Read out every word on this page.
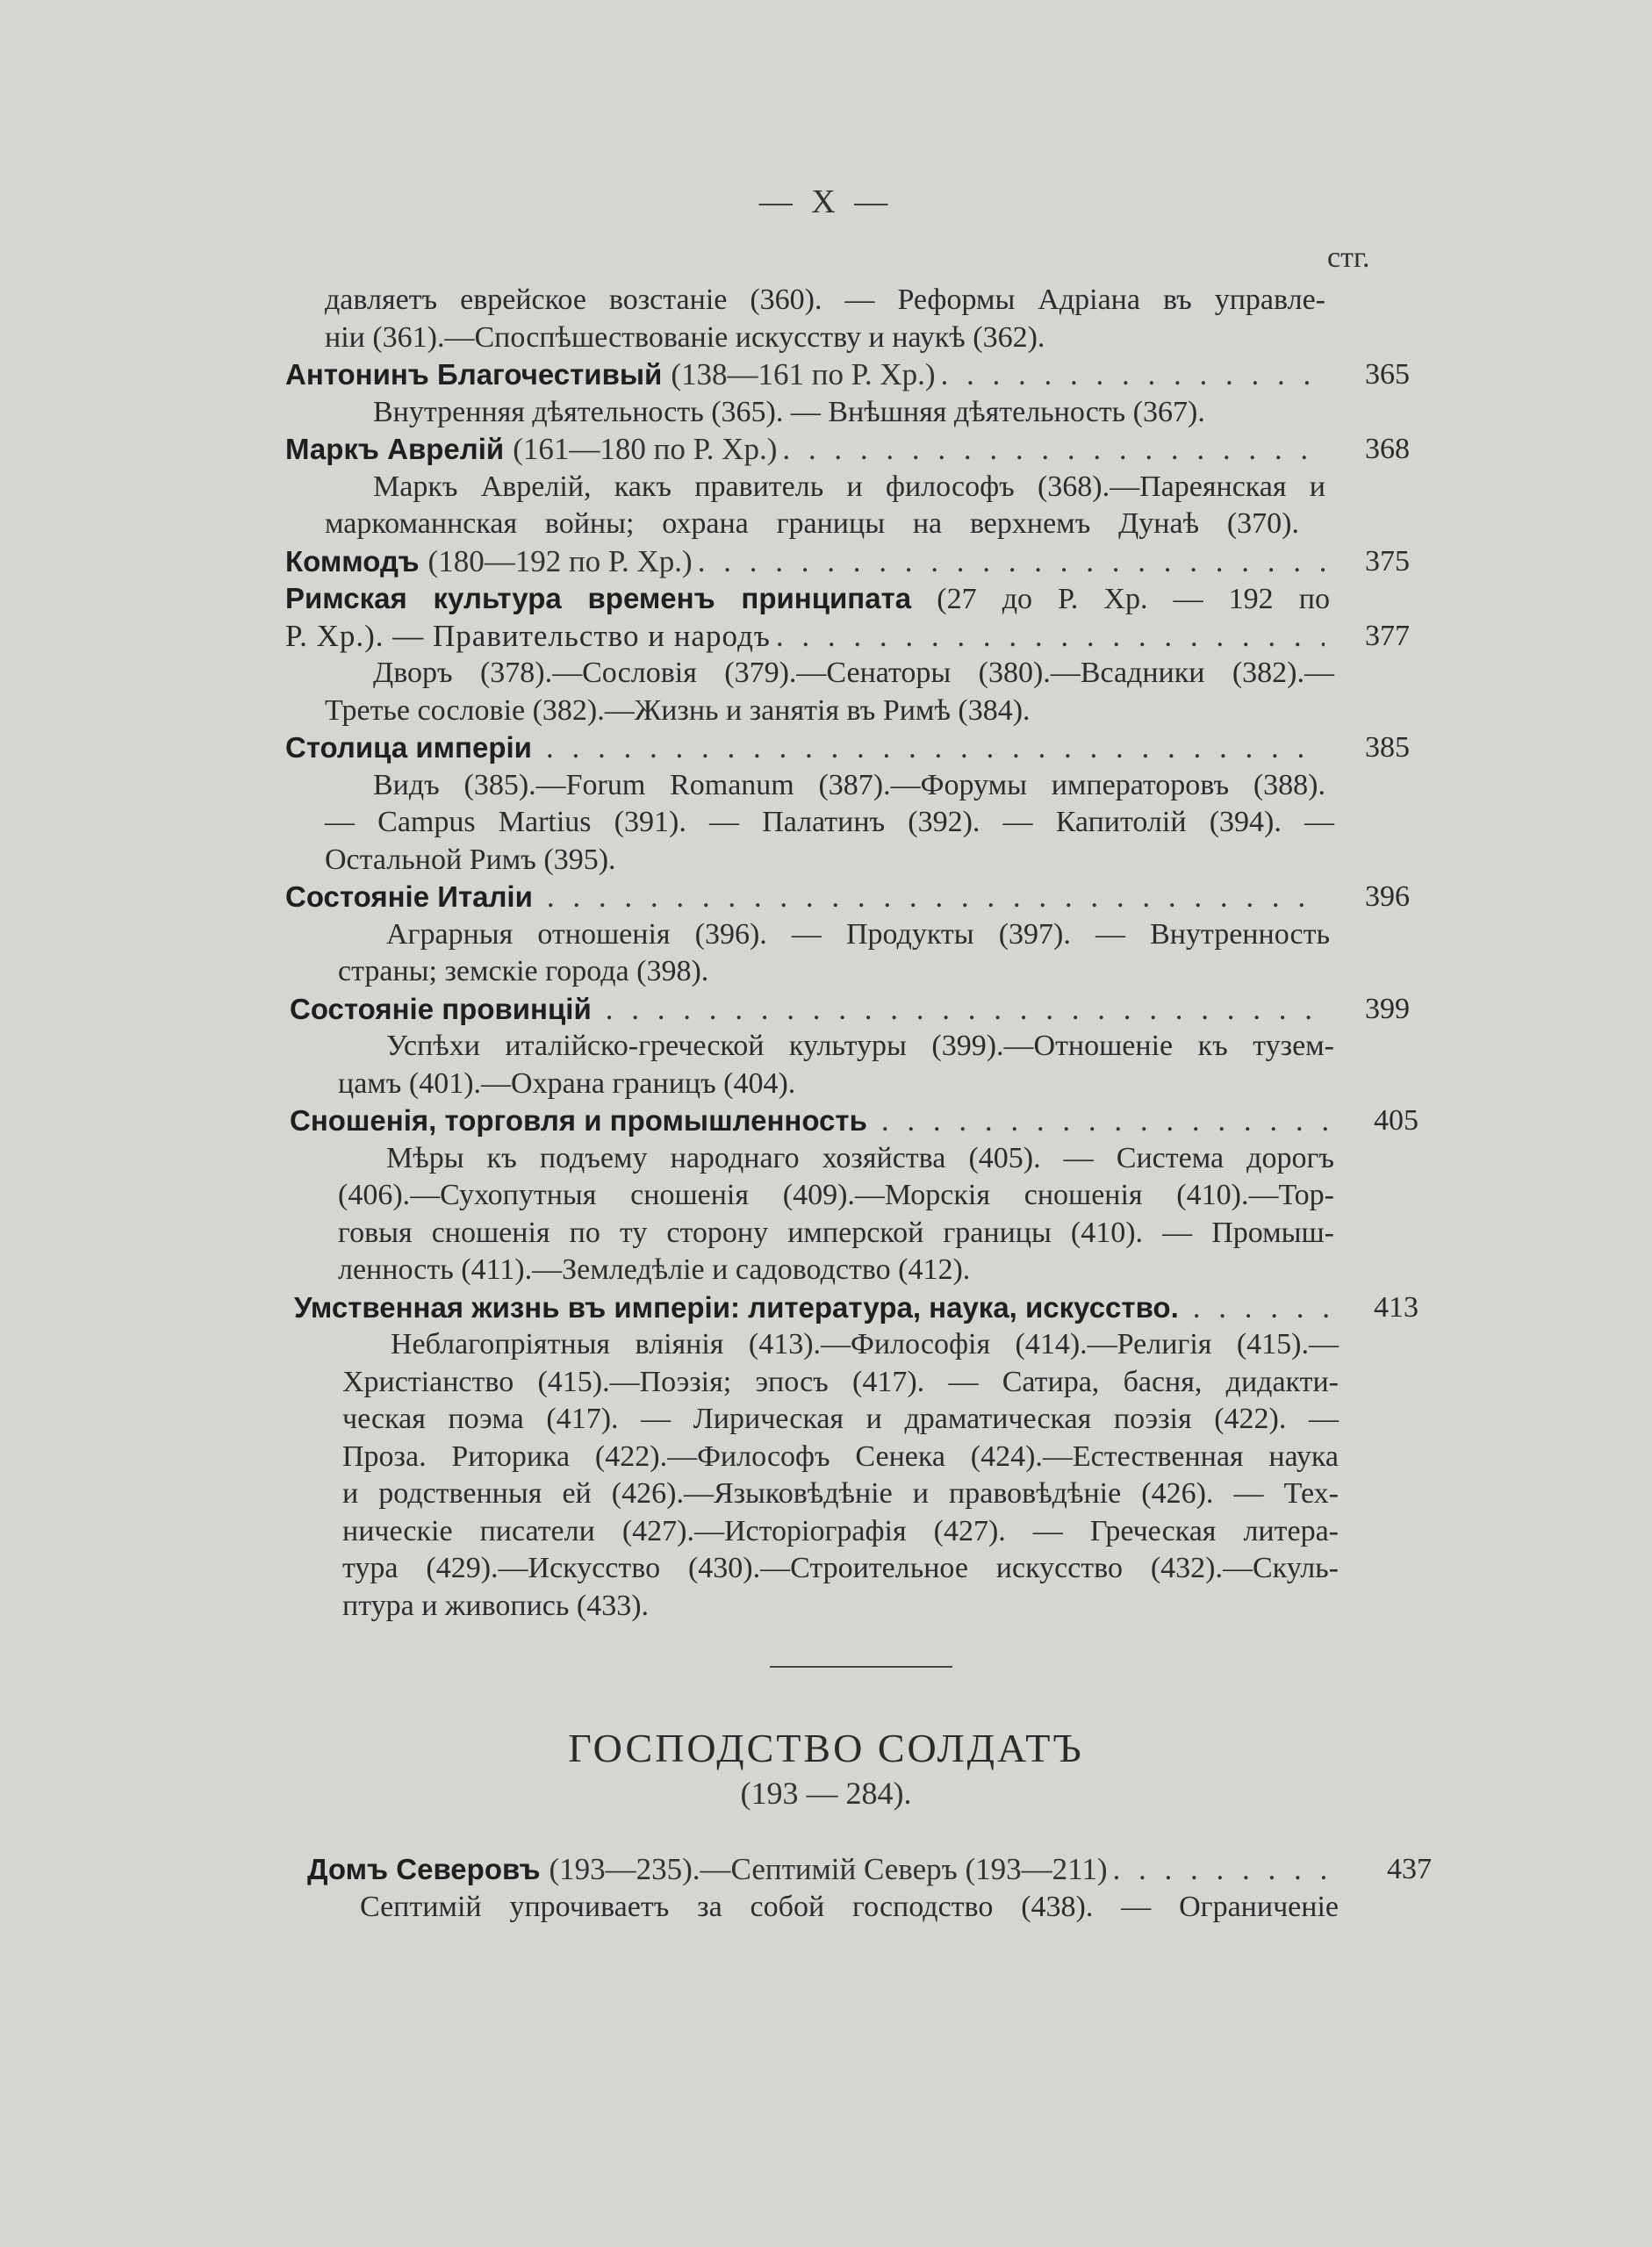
— X —
стг.
давляетъ еврейское возстаніе (360). — Реформы Адріана въ управле-
ніи (361).—Споспѣшествованіе искусству и наукѣ (362).
Антонинъ Благочестивый (138—161 по Р. Хр.) . . .	365
Внутренняя дѣятельность (365). — Внѣшняя дѣятельность (367).
Маркъ Аврелій (161—180 по Р. Хр.) . . .	368
Маркъ Аврелій, какъ правитель и философъ (368).—Пареянская и
маркоманнская войны; охрана границы на верхнемъ Дунаѣ (370).
Коммодъ (180—192 по Р. Хр.) . . .	375
Римская культура временъ принципата (27 до Р. Хр. — 192 по
Р. Хр.). — Правительство и народъ . . .	377
Дворъ (378).—Сословія (379).—Сенаторы (380).—Всадники (382).—
Третье сословіе (382).—Жизнь и занятія въ Римѣ (384).
Столица имперіи . . .	385
Видъ (385).—Forum Romanum (387).—Форумы императоровъ (388).
— Campus Martius (391). — Палатинъ (392). — Капитолій (394). —
Остальной Римъ (395).
Состояніе Италіи . . .	396
Аграрныя отношенія (396). — Продукты (397). — Внутренность
страны; земскіе города (398).
Состояніе провинцій . . .	399
Успѣхи италійско-греческой культуры (399).—Отношеніе къ тузем-
цамъ (401).—Охрана границъ (404).
Сношенія, торговля и промышленность . . .	405
Мѣры къ подъему народнаго хозяйства (405). — Система дорогъ
(406).—Сухопутныя сношенія (409).—Морскія сношенія (410).—Тор-
говыя сношенія по ту сторону имперской границы (410). — Промыш-
ленность (411).—Земледѣліе и садоводство (412).
Умственная жизнь въ имперіи: литература, наука, искусство. . . .	413
Неблагопріятныя вліянія (413).—Философія (414).—Религія (415).—
Христіанство (415).—Поэзія; эпосъ (417). — Сатира, басня, дидакти-
ческая поэма (417). — Лирическая и драматическая поэзія (422). —
Проза. Риторика (422).—Философъ Сенека (424).—Естественная наука
и родственныя ей (426).—Языковѣдѣніе и правовѣдѣніе (426). — Тех-
ническіе писатели (427).—Исторіографія (427). — Греческая литера-
тура (429).—Искусство (430).—Строительное искусство (432).—Скуль-
птура и живопись (433).
ГОСПОДСТВО СОЛДАТЪ
(193 — 284).
Домъ Северовъ (193—235).—Септимій Северъ (193—211) . . .	437
Септимій упрочиваетъ за собой господство (438). — Ограниченіе
